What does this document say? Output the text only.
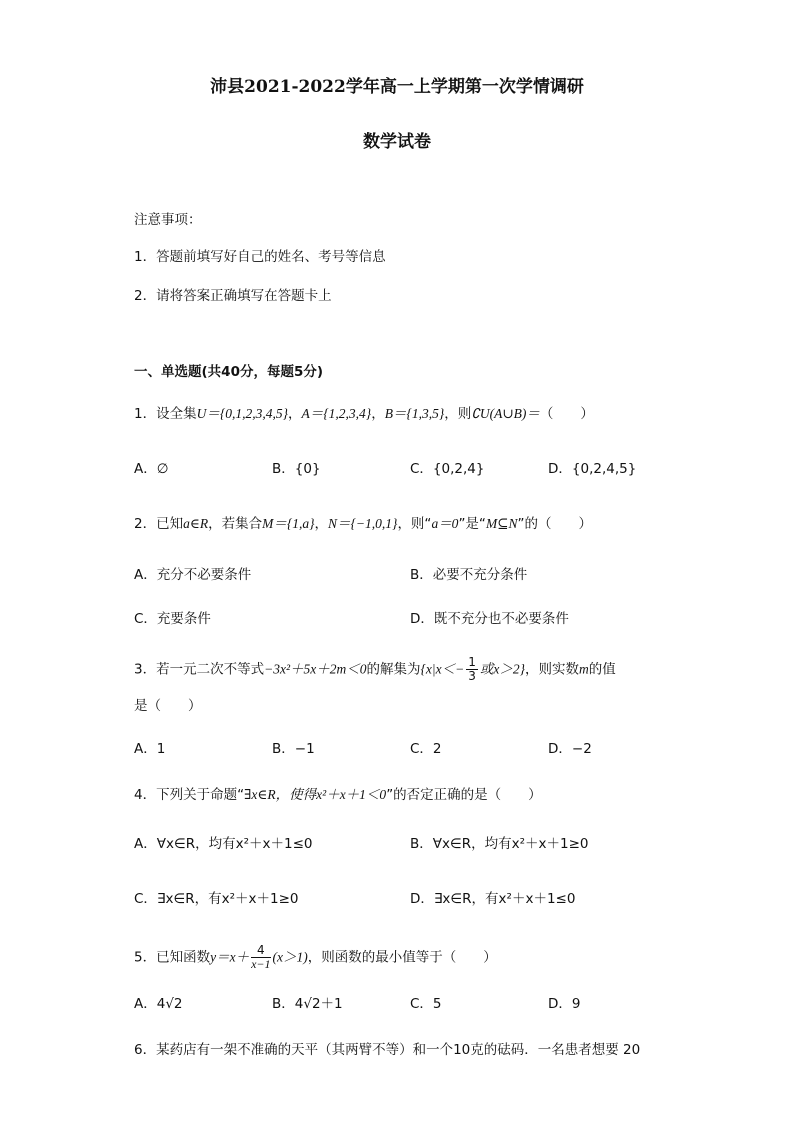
沛县2021-2022学年高一上学期第一次学情调研
数学试卷
注意事项：
1．答题前填写好自己的姓名、考号等信息
2．请将答案正确填写在答题卡上
一、单选题(共40分，每题5分)
1．设全集U＝{0,1,2,3,4,5}，A＝{1,2,3,4}，B＝{1,3,5}，则∁U(A∪B)＝（　　）
A．∅	B．{0}	C．{0,2,4}	D．{0,2,4,5}
2．已知a∈R，若集合M＝{1,a}，N＝{−1,0,1}，则“a＝0”是“M⊆N”的（　　）
A．充分不必要条件	B．必要不充分条件
C．充要条件	D．既不充分也不必要条件
3．若一元二次不等式−3x²＋5x＋2m＜0的解集为{$x|x<- \frac{1}{3}$ 或x＞2}，则实数m的值
是（　　）
A．1	B．−1	C．2	D．−2
4．下列关于命题“∃x∈R，使得x²＋x＋1＜0”的否定正确的是（　　）
A．∀x∈R，均有x²＋x＋1≤0	B．∀x∈R，均有x²＋x＋1≥0
C．∃x∈R，有x²＋x＋1≥0	D．∃x∈R，有x²＋x＋1≤0
5．已知函数$y=x+ \frac{4}{x-1} (x>1)$，则函数的最小值等于（　　）
A．4√2	B．4√2＋1	C．5	D．9
6．某药店有一架不准确的天平（其两臂不等）和一个10克的砝码．一名患者想要 20
